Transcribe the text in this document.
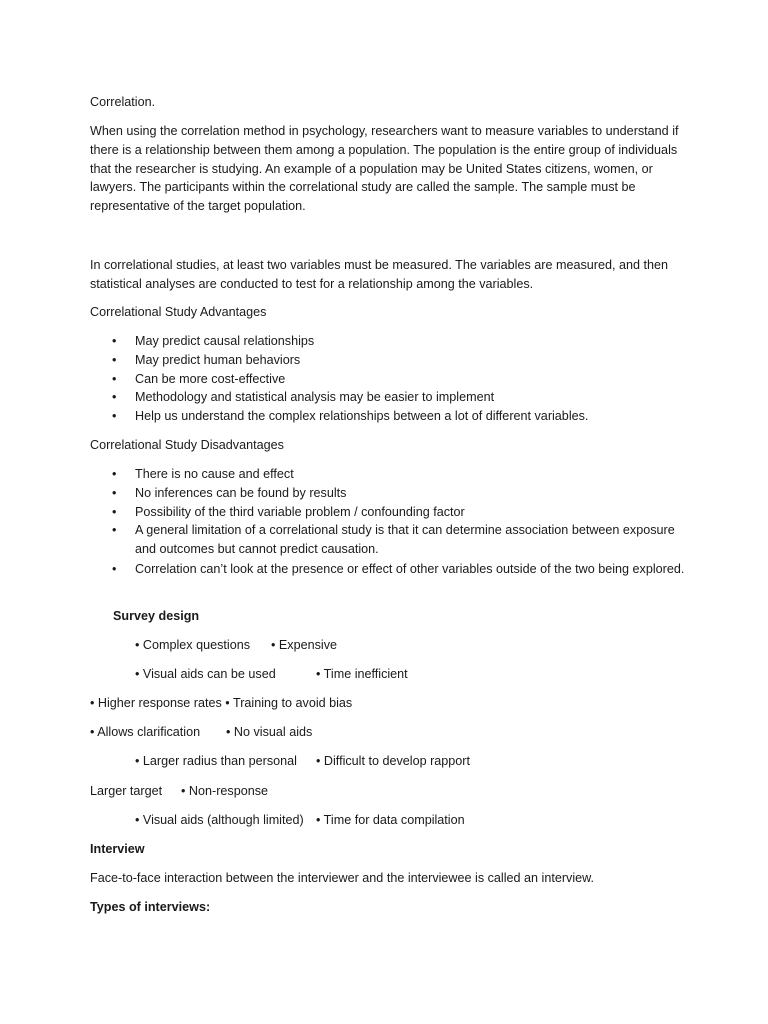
Correlation.

When using the correlation method in psychology, researchers want to measure variables to understand if there is a relationship between them among a population. The population is the entire group of individuals that the researcher is studying. An example of a population may be United States citizens, women, or lawyers. The participants within the correlational study are called the sample. The sample must be representative of the target population.

In correlational studies, at least two variables must be measured. The variables are measured, and then statistical analyses are conducted to test for a relationship among the variables.

Correlational Study Advantages

• May predict causal relationships
• May predict human behaviors
• Can be more cost-effective
• Methodology and statistical analysis may be easier to implement
• Help us understand the complex relationships between a lot of different variables.

Correlational Study Disadvantages

• There is no cause and effect
• No inferences can be found by results
• Possibility of the third variable problem / confounding factor
• A general limitation of a correlational study is that it can determine association between exposure and outcomes but cannot predict causation.
• Correlation can’t look at the presence or effect of other variables outside of the two being explored.

Survey design

• Complex questions • Expensive

• Visual aids can be used	• Time inefficient

• Higher response rates • Training to avoid bias

• Allows clarification • No visual aids

• Larger radius than personal • Difficult to develop rapport

Larger target • Non-response

• Visual aids (although limited) • Time for data compilation

Interview

Face-to-face interaction between the interviewer and the interviewee is called an interview.

Types of interviews:
